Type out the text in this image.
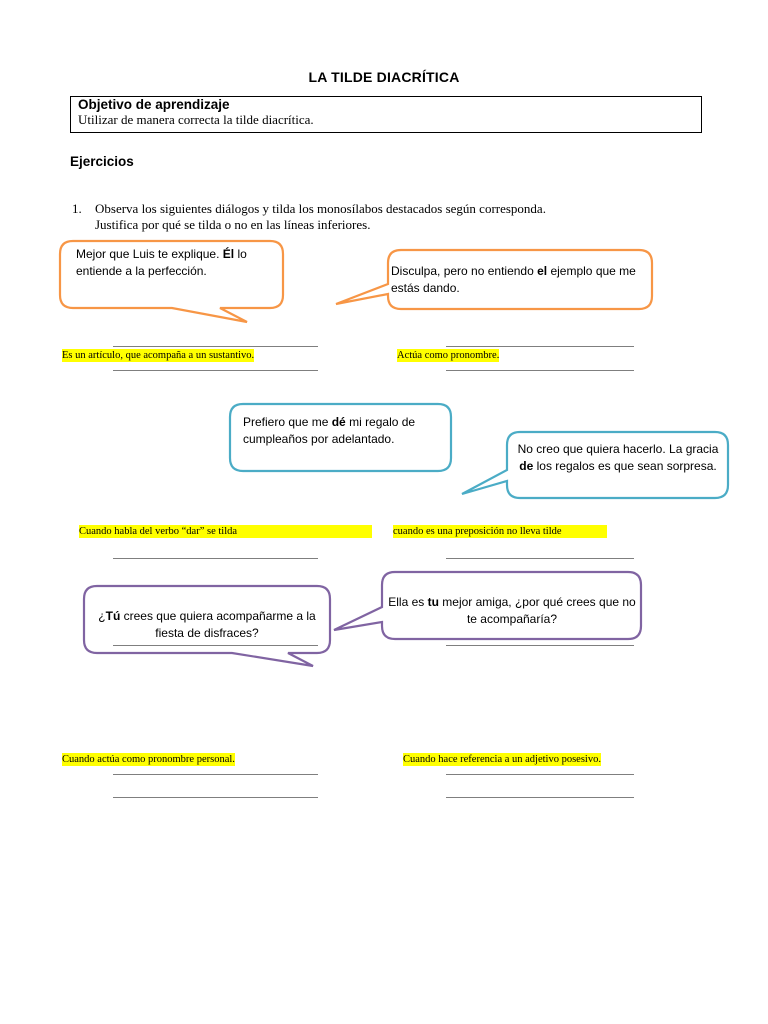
LA TILDE DIACRÍTICA
Objetivo de aprendizaje
Utilizar de manera correcta la tilde diacrítica.
Ejercicios
1. Observa los siguientes diálogos y tilda los monosílabos destacados según corresponda. Justifica por qué se tilda o no en las líneas inferiores.
Mejor que Luis te explique. Él lo entiende a la perfección.	Disculpa, pero no entiendo el ejemplo que me estás dando.
Es un artículo, que acompaña a un sustantivo.	Actúa como pronombre.
Prefiero que me dé mi regalo de cumpleaños por adelantado.
No creo que quiera hacerlo. La gracia de los regalos es que sean sorpresa.
Cuando habla del verbo “dar” se tilda	cuando es una preposición no lleva tilde
¿Tú crees que quiera acompañarme a la fiesta de disfraces?
Ella es tu mejor amiga, ¿por qué crees que no te acompañaría?
Cuando actúa como pronombre personal.	Cuando hace referencia a un adjetivo posesivo.
